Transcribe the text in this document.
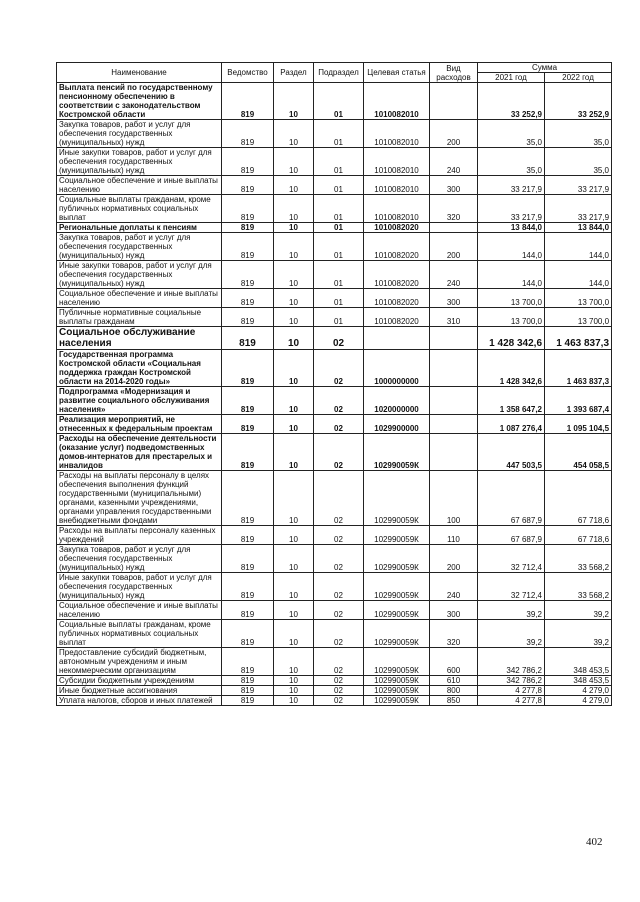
Наименование	Ведомство	Раздел	Подраздел	Целевая статья	Вид расходов	Сумма	
						2021 год	2022 год
Выплата пенсий по государственному пенсионному обеспечению в соответствии с законодательством Костромской области	819	10	01	1010082010		33 252,9	33 252,9
Закупка товаров, работ и услуг для обеспечения государственных (муниципальных) нужд	819	10	01	1010082010	200	35,0	35,0
Иные закупки товаров, работ и услуг для обеспечения государственных (муниципальных) нужд	819	10	01	1010082010	240	35,0	35,0
Социальное обеспечение и иные выплаты населению	819	10	01	1010082010	300	33 217,9	33 217,9
Социальные выплаты гражданам, кроме публичных нормативных социальных выплат	819	10	01	1010082010	320	33 217,9	33 217,9
Региональные доплаты к пенсиям	819	10	01	1010082020		13 844,0	13 844,0
Закупка товаров, работ и услуг для обеспечения государственных (муниципальных) нужд	819	10	01	1010082020	200	144,0	144,0
Иные закупки товаров, работ и услуг для обеспечения государственных (муниципальных) нужд	819	10	01	1010082020	240	144,0	144,0
Социальное обеспечение и иные выплаты населению	819	10	01	1010082020	300	13 700,0	13 700,0
Публичные нормативные социальные выплаты гражданам	819	10	01	1010082020	310	13 700,0	13 700,0
Социальное обслуживание населения	819	10	02			1 428 342,6	1 463 837,3
Государственная программа Костромской области «Социальная поддержка граждан Костромской области на 2014-2020 годы»	819	10	02	1000000000		1 428 342,6	1 463 837,3
Подпрограмма «Модернизация и развитие социального обслуживания населения»	819	10	02	1020000000		1 358 647,2	1 393 687,4
Реализация мероприятий, не отнесенных к федеральным проектам	819	10	02	1029900000		1 087 276,4	1 095 104,5
Расходы на обеспечение деятельности (оказание услуг) подведомственных домов-интернатов для престарелых и инвалидов	819	10	02	102990059К		447 503,5	454 058,5
Расходы на выплаты персоналу в целях обеспечения выполнения функций государственными (муниципальными) органами, казенными учреждениями, органами управления государственными внебюджетными фондами	819	10	02	102990059К	100	67 687,9	67 718,6
Расходы на выплаты персоналу казенных учреждений	819	10	02	102990059К	110	67 687,9	67 718,6
Закупка товаров, работ и услуг для обеспечения государственных (муниципальных) нужд	819	10	02	102990059К	200	32 712,4	33 568,2
Иные закупки товаров, работ и услуг для обеспечения государственных (муниципальных) нужд	819	10	02	102990059К	240	32 712,4	33 568,2
Социальное обеспечение и иные выплаты населению	819	10	02	102990059К	300	39,2	39,2
Социальные выплаты гражданам, кроме публичных нормативных социальных выплат	819	10	02	102990059К	320	39,2	39,2
Предоставление субсидий бюджетным, автономным учреждениям и иным некоммерческим организациям	819	10	02	102990059К	600	342 786,2	348 453,5
Субсидии бюджетным учреждениям	819	10	02	102990059К	610	342 786,2	348 453,5
Иные бюджетные ассигнования	819	10	02	102990059К	800	4 277,8	4 279,0
Уплата налогов, сборов и иных платежей	819	10	02	102990059К	850	4 277,8	4 279,0
402
